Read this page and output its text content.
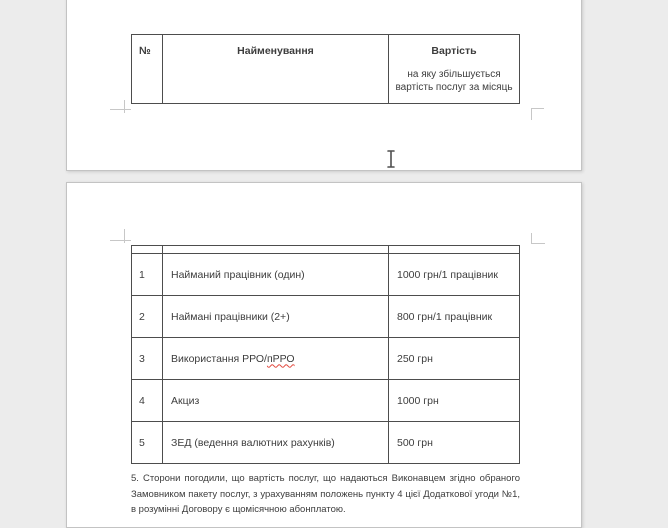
№	Найменування	Вартість
на яку збільшується вартість послуг за місяць

1	Найманий працівник (один)	1000 грн/1 працівник
2	Наймані працівники (2+)	800 грн/1 працівник
3	Використання РРО/пРРО	250 грн
4	Акциз	1000 грн
5	ЗЕД (ведення валютних рахунків)	500 грн
5. Сторони погодили, що вартість послуг, що надаються Виконавцем згідно обраного Замовником пакету послуг, з урахуванням положень пункту 4 цієї Додаткової угоди №1, в розумінні Договору є щомісячною абонплатою.
